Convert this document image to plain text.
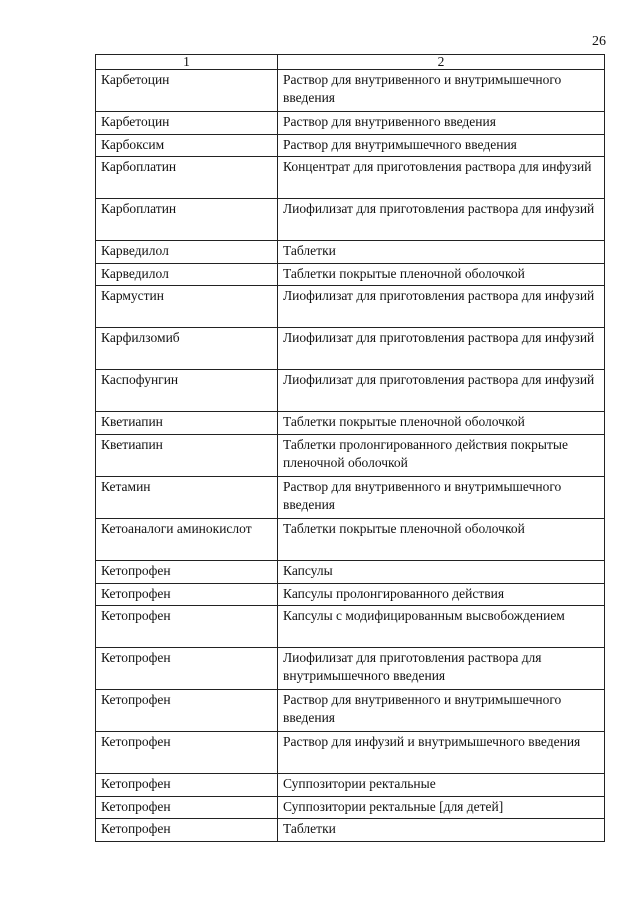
26
1	2
Карбетоцин	Раствор для внутривенного и внутримышечного введения
Карбетоцин	Раствор для внутривенного введения
Карбоксим	Раствор для внутримышечного введения
Карбоплатин	Концентрат для приготовления раствора для инфузий
Карбоплатин	Лиофилизат для приготовления раствора для инфузий
Карведилол	Таблетки
Карведилол	Таблетки покрытые пленочной оболочкой
Кармустин	Лиофилизат для приготовления раствора для инфузий
Карфилзомиб	Лиофилизат для приготовления раствора для инфузий
Каспофунгин	Лиофилизат для приготовления раствора для инфузий
Кветиапин	Таблетки покрытые пленочной оболочкой
Кветиапин	Таблетки пролонгированного действия покрытые пленочной оболочкой
Кетамин	Раствор для внутривенного и внутримышечного введения
Кетоаналоги аминокислот	Таблетки покрытые пленочной оболочкой
Кетопрофен	Капсулы
Кетопрофен	Капсулы пролонгированного действия
Кетопрофен	Капсулы с модифицированным высвобождением
Кетопрофен	Лиофилизат для приготовления раствора для внутримышечного введения
Кетопрофен	Раствор для внутривенного и внутримышечного введения
Кетопрофен	Раствор для инфузий и внутримышечного введения
Кетопрофен	Суппозитории ректальные
Кетопрофен	Суппозитории ректальные [для детей]
Кетопрофен	Таблетки
